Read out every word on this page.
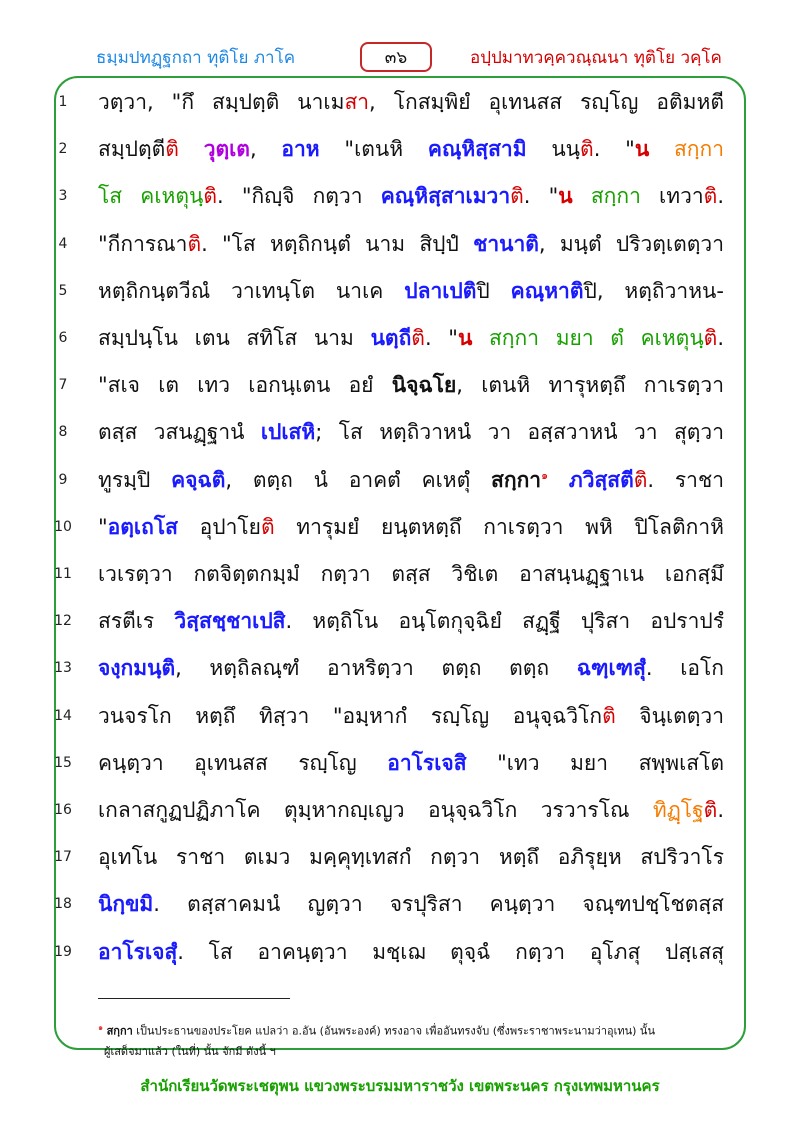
ธมฺมปทฏฺฐกถา ทุติโย ภาโค	๓๖	อปฺปมาทวคฺควณฺณนา ทุติโย วคฺโค
1	วตฺวา, "กึ สมฺปตฺติ นาเมสา, โกสมฺพิยํ อุเทนสส รญฺโญ อติมหตี
2	สมฺปตฺตีติ วุตฺเต, อาห "เตนหิ คณฺหิสฺสามิ นนฺติ. "น สกฺกา
3	โส คเหตุนฺติ. "กิญฺจิ กตฺวา คณฺหิสฺสาเมวาติ. "น สกฺกา เทวาติ.
4	"กีการณาติ. "โส หตฺถิกนฺตํ นาม สิปฺปํ ชานาติ, มนฺตํ ปริวตฺเตตฺวา
5	หตฺถิกนฺตวีณํ วาเทนฺโต นาเค ปลาเปติปิ คณฺหาติปิ, หตฺถิวาหน-
6	สมฺปนฺโน เตน สทิโส นาม นตฺถีติ. "น สกฺกา มยา ตํ คเหตุนฺติ.
7	"สเจ เต เทว เอกนฺเตน อยํ นิจฺฉโย, เตนหิ ทารุหตฺถึ กาเรตฺวา
8	ตสฺส วสนฏฺฐานํ เปเสหิ; โส หตฺถิวาหนํ วา อสฺสวาหนํ วา สุตฺวา
9	ทูรมฺปิ คจฺฉติ, ตตฺถ นํ อาคตํ คเหตุํ สกฺกา$^๑$ ภวิสฺสตีติ. ราชา
10	"อตฺเถโส อุปาโยติ ทารุมยํ ยนฺตหตฺถึ กาเรตฺวา พหิ ปิโลติกาหิ
11	เวเรตฺวา กตจิตฺตกมฺมํ กตฺวา ตสฺส วิชิเต อาสนฺนฏฺฐาเน เอกสฺมึ
12	สรตีเร วิสฺสชฺชาเปสิ. หตฺถิโน อนฺโตกุจฺฉิยํ สฏฺฐี ปุริสา อปราปรํ
13	จงฺกมนฺติ, หตฺถิลณฺฑํ อาหริตฺวา ตตฺถ ตตฺถ ฉฑฺเฑสุํ. เอโก
14	วนจรโก หตฺถึ ทิสฺวา "อมฺหากํ รญฺโญ อนุจฺฉวิโกติ จินฺเตตฺวา
15	คนฺตฺวา อุเทนสส รญฺโญ อาโรเจสิ "เทว มยา สพฺพเสโต
16	เกลาสกูฏปฏิภาโค ตุมฺหากญฺเญว อนุจฺฉวิโก วรวารโณ ทิฏฺโฐติ.
17	อุเทโน ราชา ตเมว มคฺคุทฺเทสกํ กตฺวา หตฺถึ อภิรุยฺห สปริวาโร
18	นิกฺขมิ. ตสฺสาคมนํ ญตฺวา จรปุริสา คนฺตฺวา จณฺฑปชฺโชตสฺส
19	อาโรเจสุํ. โส อาคนฺตฺวา มชฺเฌ ตุจฺฉํ กตฺวา อุโภสุ ปสฺเสสุ
$^๑$ สกฺกา เป็นประธานของประโยค แปลว่า อ.อัน (อันพระองค์) ทรงอาจ เพื่ออันทรงจับ (ซึ่งพระราชาพระนามว่าอุเทน) นั้น
ผู้เสด็จมาแล้ว (ในที่) นั้น จักมี ดังนี้ ฯ
สำนักเรียนวัดพระเชตุพน แขวงพระบรมมหาราชวัง เขตพระนคร กรุงเทพมหานคร
